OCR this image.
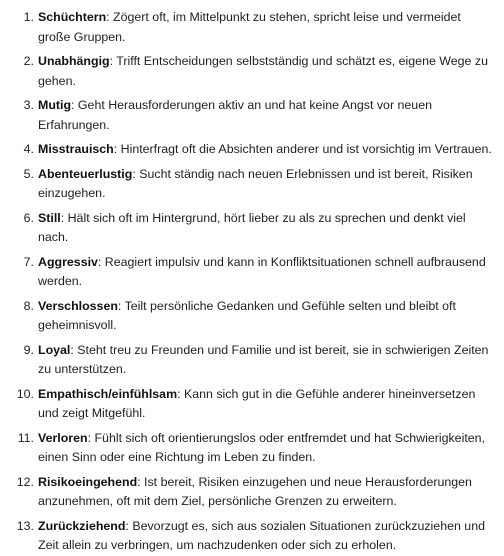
1. Schüchtern: Zögert oft, im Mittelpunkt zu stehen, spricht leise und vermeidet große Gruppen.
2. Unabhängig: Trifft Entscheidungen selbstständig und schätzt es, eigene Wege zu gehen.
3. Mutig: Geht Herausforderungen aktiv an und hat keine Angst vor neuen Erfahrungen.
4. Misstrauisch: Hinterfragt oft die Absichten anderer und ist vorsichtig im Vertrauen.
5. Abenteuerlustig: Sucht ständig nach neuen Erlebnissen und ist bereit, Risiken einzugehen.
6. Still: Hält sich oft im Hintergrund, hört lieber zu als zu sprechen und denkt viel nach.
7. Aggressiv: Reagiert impulsiv und kann in Konfliktsituationen schnell aufbrausend werden.
8. Verschlossen: Teilt persönliche Gedanken und Gefühle selten und bleibt oft geheimnisvoll.
9. Loyal: Steht treu zu Freunden und Familie und ist bereit, sie in schwierigen Zeiten zu unterstützen.
10. Empathisch/einfühlsam: Kann sich gut in die Gefühle anderer hineinversetzen und zeigt Mitgefühl.
11. Verloren: Fühlt sich oft orientierungslos oder entfremdet und hat Schwierigkeiten, einen Sinn oder eine Richtung im Leben zu finden.
12. Risikoeingehend: Ist bereit, Risiken einzugehen und neue Herausforderungen anzunehmen, oft mit dem Ziel, persönliche Grenzen zu erweitern.
13. Zurückziehend: Bevorzugt es, sich aus sozialen Situationen zurückzuziehen und Zeit allein zu verbringen, um nachzudenken oder sich zu erholen.
